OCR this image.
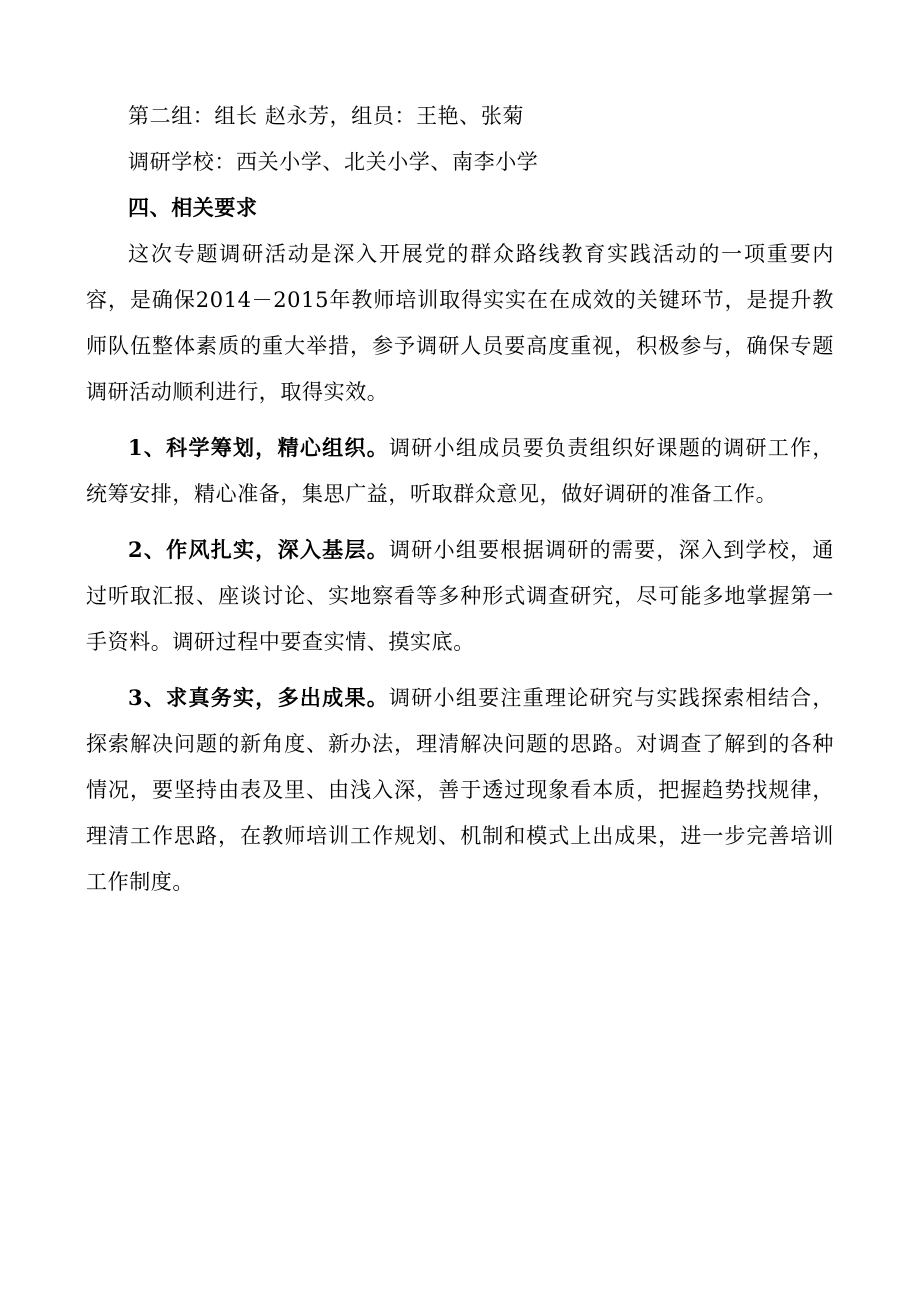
第二组：组长 赵永芳，组员：王艳、张菊

调研学校：西关小学、北关小学、南李小学

四、相关要求

这次专题调研活动是深入开展党的群众路线教育实践活动的一项重要内容，是确保2014－2015年教师培训取得实实在在成效的关键环节，是提升教师队伍整体素质的重大举措，参予调研人员要高度重视，积极参与，确保专题调研活动顺利进行，取得实效。

1、科学筹划，精心组织。调研小组成员要负责组织好课题的调研工作，统筹安排，精心准备，集思广益，听取群众意见，做好调研的准备工作。

2、作风扎实，深入基层。调研小组要根据调研的需要，深入到学校，通过听取汇报、座谈讨论、实地察看等多种形式调查研究，尽可能多地掌握第一手资料。调研过程中要查实情、摸实底。

3、求真务实，多出成果。调研小组要注重理论研究与实践探索相结合，探索解决问题的新角度、新办法，理清解决问题的思路。对调查了解到的各种情况，要坚持由表及里、由浅入深，善于透过现象看本质，把握趋势找规律，理清工作思路，在教师培训工作规划、机制和模式上出成果，进一步完善培训工作制度。
